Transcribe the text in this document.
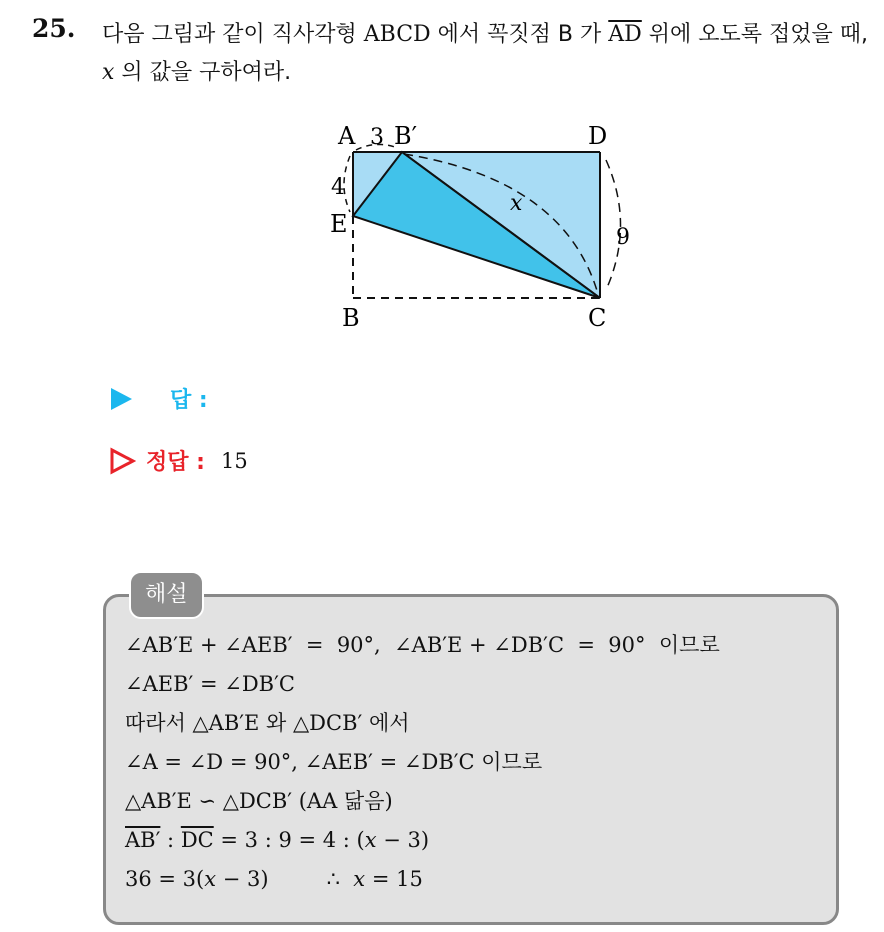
25. 다음 그림과 같이 직사각형 ABCD 에서 꼭짓점 B 가 $\overline{AD}$ 위에 오도록 접었을 때, x 의 값을 구하여라.
A 3 B′	D
4
E
x
9
B	C
답 :
정답 : 15
해설
∠AB′E + ∠AEB′  =  90°,  ∠AB′E + ∠DB′C  =  90°  이므로
∠AEB′ = ∠DB′C
따라서 △AB′E 와 △DCB′ 에서
∠A = ∠D = 90°, ∠AEB′ = ∠DB′C 이므로
△AB′E ∽ △DCB′ (AA 닮음)
AB′ : $\overline{DC} = 3$ : 9 = 4 : (x − 3)
36 = 3(x − 3)	∴  x = 15
